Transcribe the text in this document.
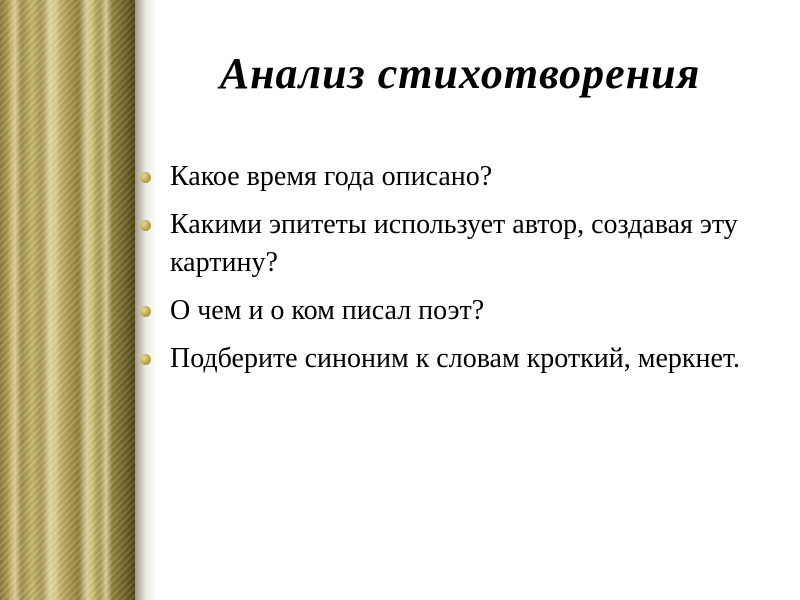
Анализ стихотворения
Какое время года описано?
Какими эпитеты использует автор, создавая эту картину?
О чем и о ком писал поэт?
Подберите синоним к словам кроткий, меркнет.
